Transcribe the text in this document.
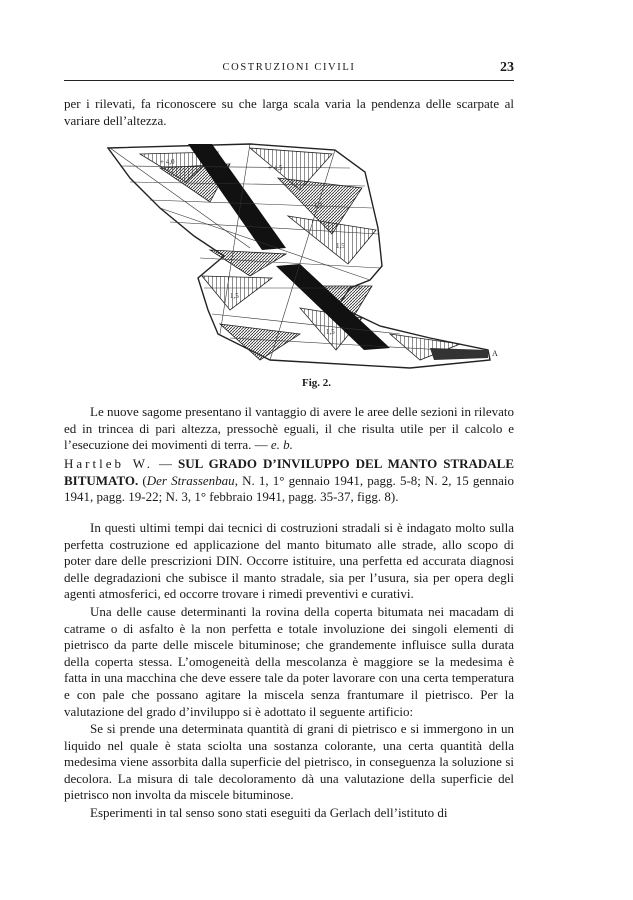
COSTRUZIONI CIVILI	23

per i rilevati, fa riconoscere su che larga scala varia la pendenza delle scarpate al variare dell’altezza.

+ 4,0
+ 4,5
1,5
1,5
1,5
1,5
A
Fig. 2.

Le nuove sagome presentano il vantaggio di avere le aree delle sezioni in rilevato ed in trincea di pari altezza, pressochè eguali, il che risulta utile per il calcolo e l’esecuzione dei movimenti di terra. — e. b.

Hartleb W. — SUL GRADO D’INVILUPPO DEL MANTO STRADALE BITUMATO. (Der Strassenbau, N. 1, 1° gennaio 1941, pagg. 5-8; N. 2, 15 gennaio 1941, pagg. 19-22; N. 3, 1° febbraio 1941, pagg. 35-37, figg. 8).

In questi ultimi tempi dai tecnici di costruzioni stradali si è indagato molto sulla perfetta costruzione ed applicazione del manto bitumato alle strade, allo scopo di poter dare delle prescrizioni DIN. Occorre istituire, una perfetta ed accurata diagnosi delle degradazioni che subisce il manto stradale, sia per l’usura, sia per opera degli agenti atmosferici, ed occorre trovare i rimedi preventivi e curativi.

Una delle cause determinanti la rovina della coperta bitumata nei macadam di catrame o di asfalto è la non perfetta e totale involuzione dei singoli elementi di pietrisco da parte delle miscele bituminose; che grandemente influisce sulla durata della coperta stessa. L’omogeneità della mescolanza è maggiore se la medesima è fatta in una macchina che deve essere tale da poter lavorare con una certa temperatura e con pale che possano agitare la miscela senza frantumare il pietrisco. Per la valutazione del grado d’inviluppo si è adottato il seguente artificio:

Se si prende una determinata quantità di grani di pietrisco e si immergono in un liquido nel quale è stata sciolta una sostanza colorante, una certa quantità della medesima viene assorbita dalla superficie del pietrisco, in conseguenza la soluzione si decolora. La misura di tale decoloramento dà una valutazione della superficie del pietrisco non involta da miscele bituminose.

Esperimenti in tal senso sono stati eseguiti da Gerlach dell’istituto di
